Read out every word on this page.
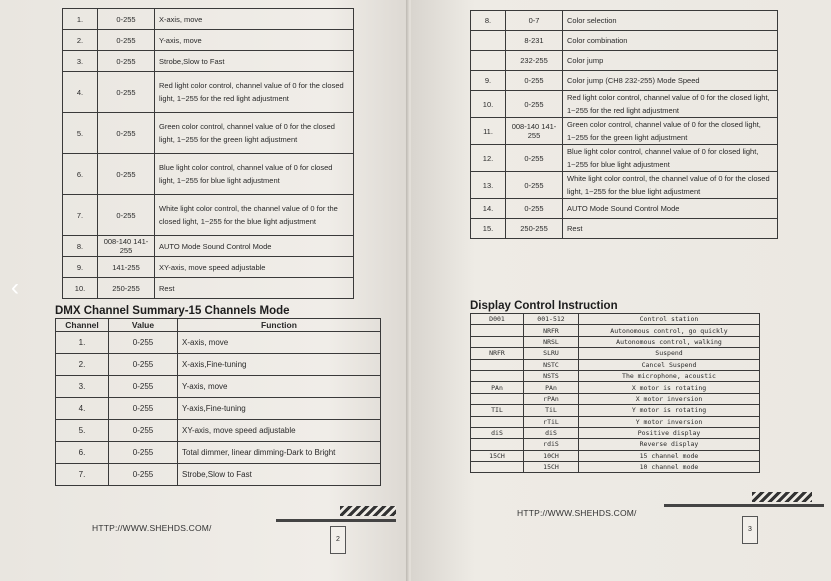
1.	0-255	X-axis, move
2.	0-255	Y-axis, move
3.	0-255	Strobe,Slow to Fast
4.	0-255	Red light color control, channel value of 0 for the closed light, 1~255 for the red light adjustment
5.	0-255	Green color control, channel value of 0 for the closed light, 1~255 for the green light adjustment
6.	0-255	Blue light color control, channel value of 0 for closed light, 1~255 for blue light adjustment
7.	0-255	White light color control, the channel value of 0 for the closed light, 1~255 for the blue light adjustment
8.	008-140 141-255	AUTO Mode Sound Control Mode
9.	141-255	XY-axis, move speed adjustable
10.	250-255	Rest
DMX Channel Summary-15 Channels Mode
Channel	Value	Function
1.	0-255	X-axis, move
2.	0-255	X-axis,Fine-tuning
3.	0-255	Y-axis, move
4.	0-255	Y-axis,Fine-tuning
5.	0-255	XY-axis, move speed adjustable
6.	0-255	Total dimmer, linear dimming-Dark to Bright
7.	0-255	Strobe,Slow to Fast
HTTP://WWW.SHEHDS.COM/
2
8.	0-7	Color selection
	8-231	Color combination
	232-255	Color jump
9.	0-255	Color jump (CH8 232-255) Mode Speed
10.	0-255	Red light color control, channel value of 0 for the closed light, 1~255 for the red light adjustment
11.	008-140 141-255	Green color control, channel value of 0 for the closed light, 1~255 for the green light adjustment
12.	0-255	Blue light color control, channel value of 0 for closed light, 1~255 for blue light adjustment
13.	0-255	White light color control, the channel value of 0 for the closed light, 1~255 for the blue light adjustment
14.	0-255	AUTO Mode Sound Control Mode
15.	250-255	Rest
Display Control Instruction
D001	001-512	Control station
	NRFR	Autonomous control, go quickly
	NRSL	Autonomous control, walking
NRFR	SLRU	Suspend
	NSTC	Cancel Suspend
	NSTS	The microphone, acoustic
PAn	PAn	X motor is rotating
	rPAn	X motor inversion
TIL	TiL	Y motor is rotating
	rTiL	Y motor inversion
diS	diS	Positive display
	rdiS	Reverse display
15CH	10CH	15 channel mode
	15CH	10 channel mode
HTTP://WWW.SHEHDS.COM/
3
‹
